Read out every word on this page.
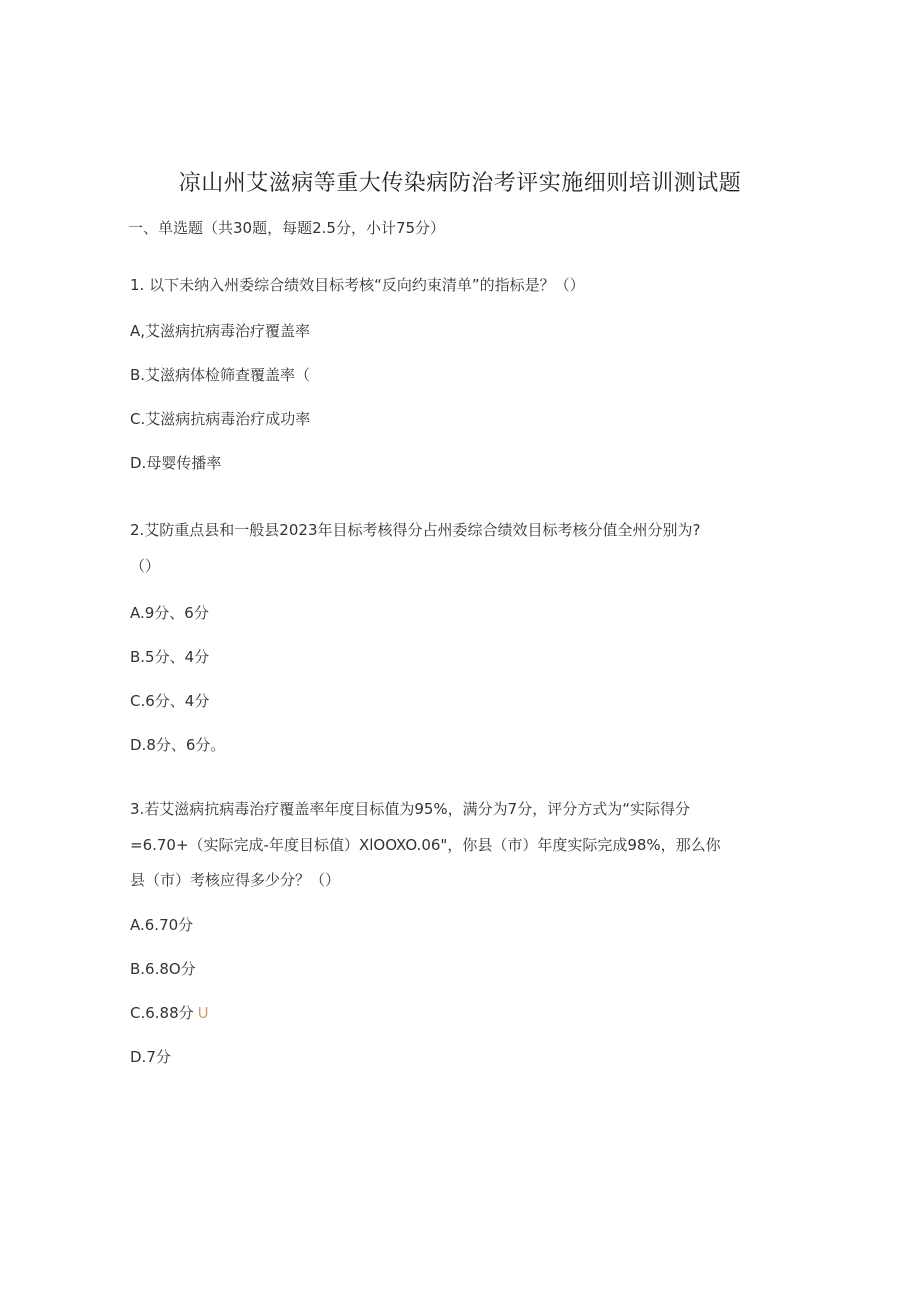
凉山州艾滋病等重大传染病防治考评实施细则培训测试题

一、单选题（共30题，每题2.5分，小计75分）

1. 以下未纳入州委综合绩效目标考核“反向约束清单”的指标是？（）

A,艾滋病抗病毒治疗覆盖率

B.艾滋病体检筛查覆盖率（

C.艾滋病抗病毒治疗成功率

D.母婴传播率

2.艾防重点县和一般县2023年目标考核得分占州委综合绩效目标考核分值全州分别为?

（）

A.9分、6分

B.5分、4分

C.6分、4分

D.8分、6分。

3.若艾滋病抗病毒治疗覆盖率年度目标值为95%，满分为7分，评分方式为“实际得分

=6.70+（实际完成-年度目标值）XlOOXO.06"，你县（市）年度实际完成98%，那么你

县（市）考核应得多少分？（）

A.6.70分

B.6.8O分

C.6.88分 U

D.7分
